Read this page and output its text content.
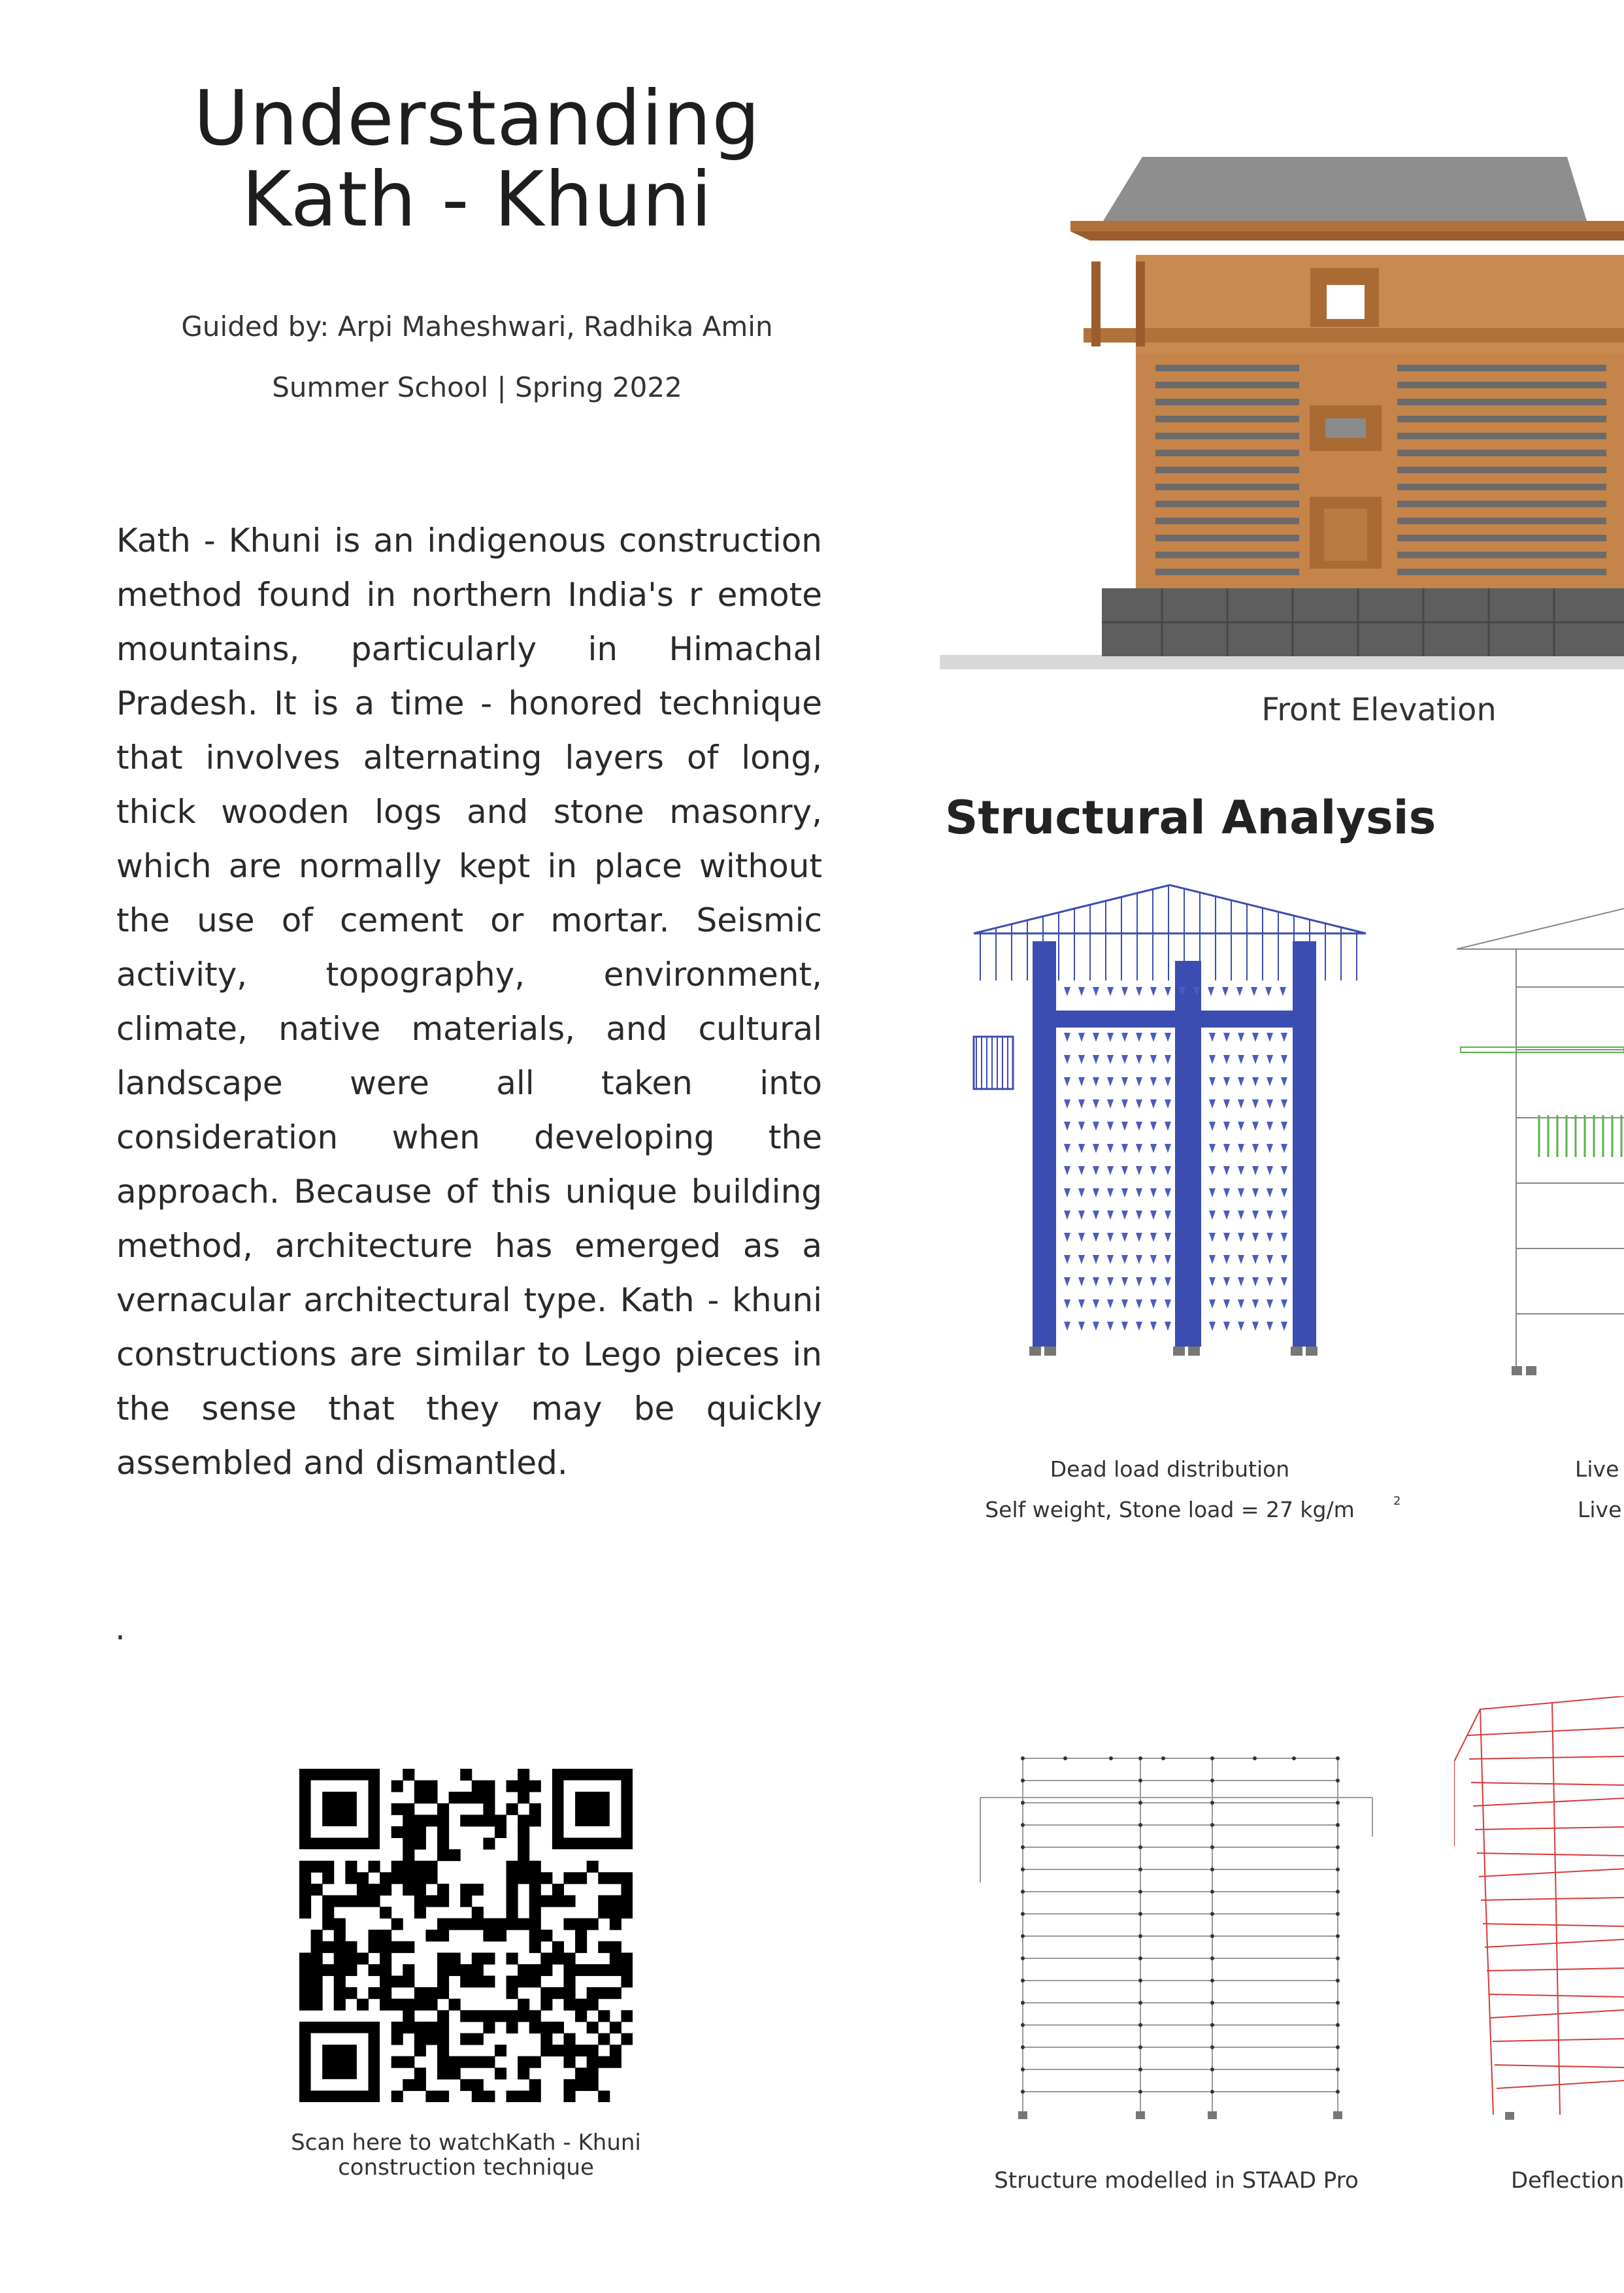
Understanding
Kath - Khuni
Guided by: Arpi Maheshwari, Radhika Amin
Summer School | Spring 2022

Kath - Khuni is an indigenous construction method found in northern India's r emote mountains, particularly in Himachal Pradesh. It is a time - honored technique that involves alternating layers of long, thick wooden logs and stone masonry, which are normally kept in place without the use of cement or mortar. Seismic activity, topography, environment, climate, native materials, and cultural landscape were all taken into consideration when developing the approach. Because of this unique building method, architecture has emerged as a vernacular architectural type. Kath - khuni constructions are similar to Lego pieces in the sense that they may be quickly assembled and dismantled.

.
Front Elevation
Structural Analysis
Dead load distribution
Self weight, Stone load = 27 kg/m	2
Live
Live
Scan here to watchKath - Khuni
construction technique	Structure modelled in STAAD Pro	Deflection
